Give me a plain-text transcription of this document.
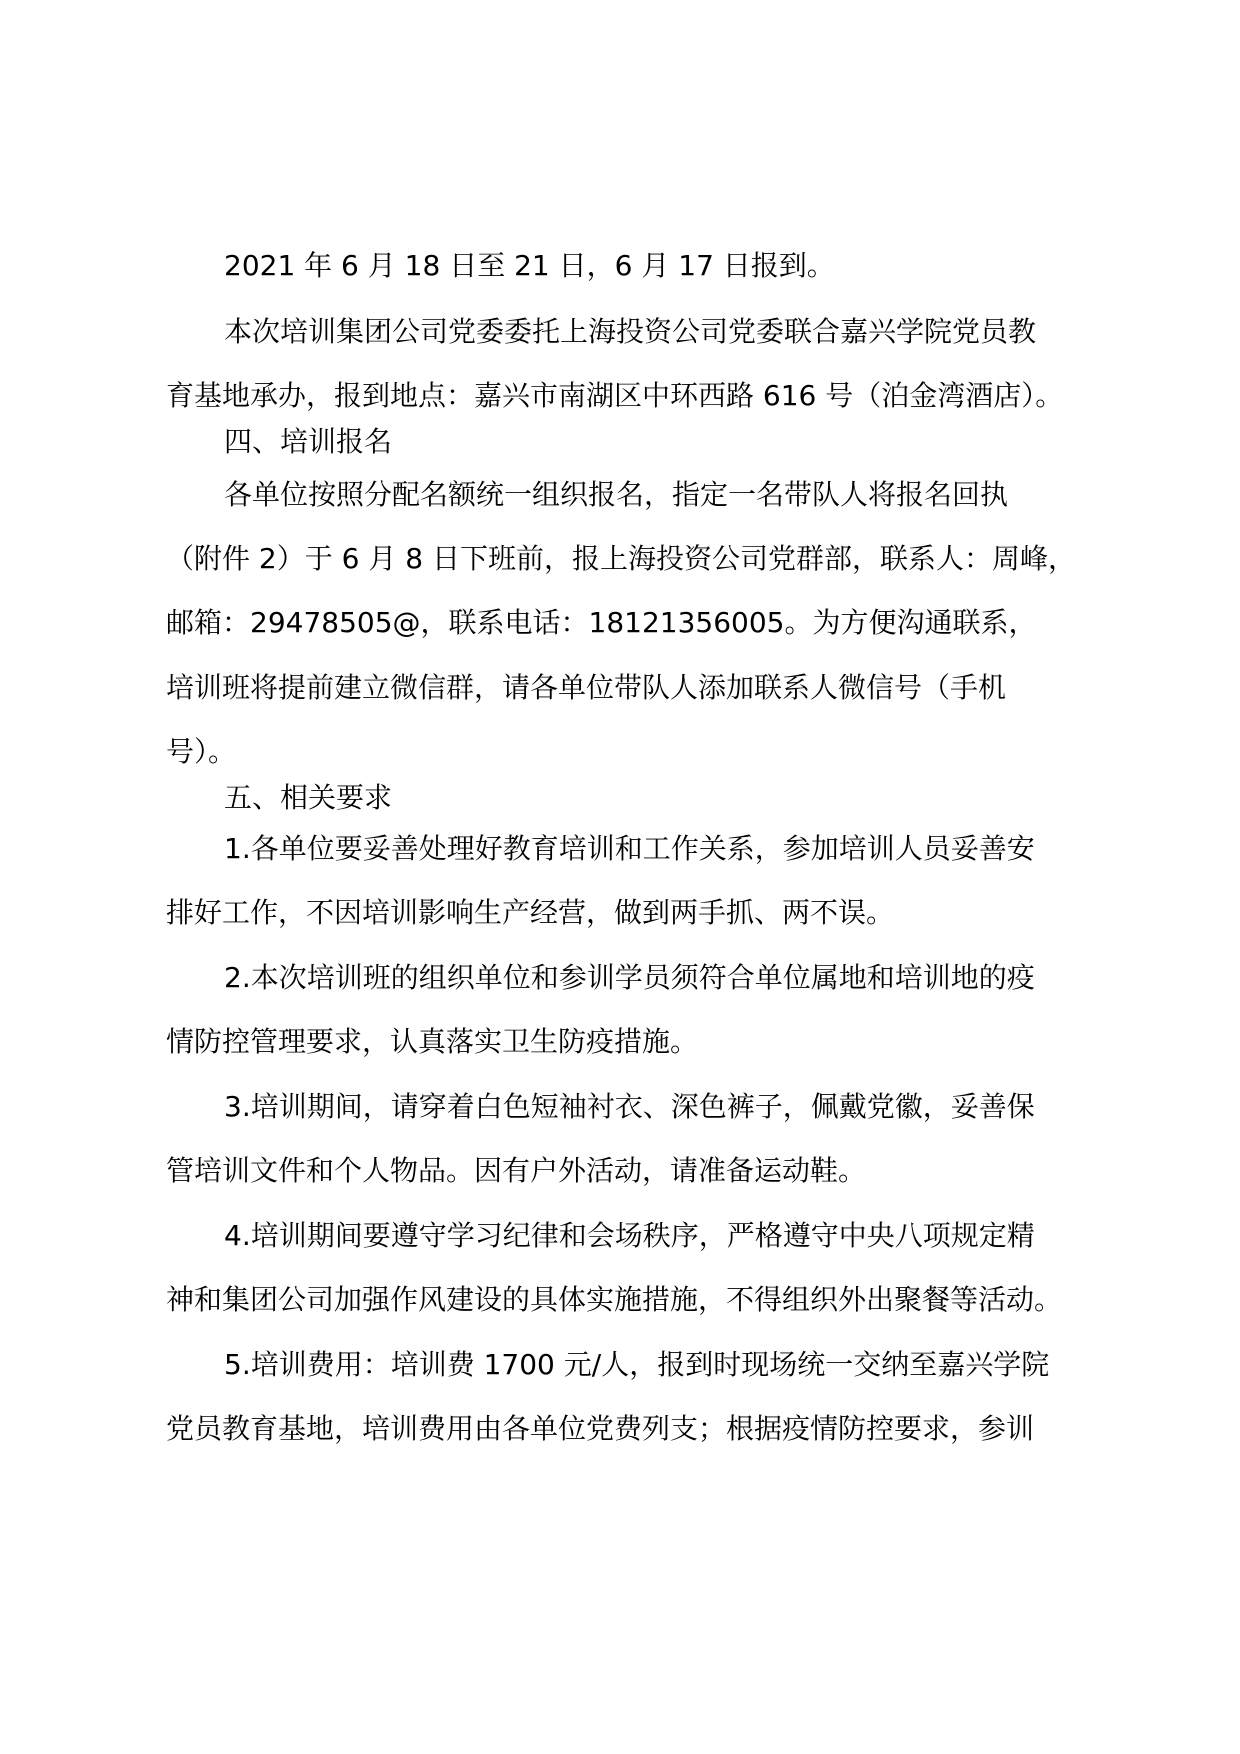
2021 年 6 月 18 日至 21 日，6 月 17 日报到。
本次培训集团公司党委委托上海投资公司党委联合嘉兴学院党员教
育基地承办，报到地点：嘉兴市南湖区中环西路 616 号（泊金湾酒店）。
四、培训报名
各单位按照分配名额统一组织报名，指定一名带队人将报名回执
（附件 2）于 6 月 8 日下班前，报上海投资公司党群部，联系人：周峰，
邮箱：29478505@，联系电话：18121356005。为方便沟通联系，
培训班将提前建立微信群，请各单位带队人添加联系人微信号（手机
号）。
五、相关要求
1.各单位要妥善处理好教育培训和工作关系，参加培训人员妥善安
排好工作，不因培训影响生产经营，做到两手抓、两不误。
2.本次培训班的组织单位和参训学员须符合单位属地和培训地的疫
情防控管理要求，认真落实卫生防疫措施。
3.培训期间，请穿着白色短袖衬衣、深色裤子，佩戴党徽，妥善保
管培训文件和个人物品。因有户外活动，请准备运动鞋。
4.培训期间要遵守学习纪律和会场秩序，严格遵守中央八项规定精
神和集团公司加强作风建设的具体实施措施，不得组织外出聚餐等活动。
5.培训费用：培训费 1700 元/人，报到时现场统一交纳至嘉兴学院
党员教育基地，培训费用由各单位党费列支；根据疫情防控要求，参训
